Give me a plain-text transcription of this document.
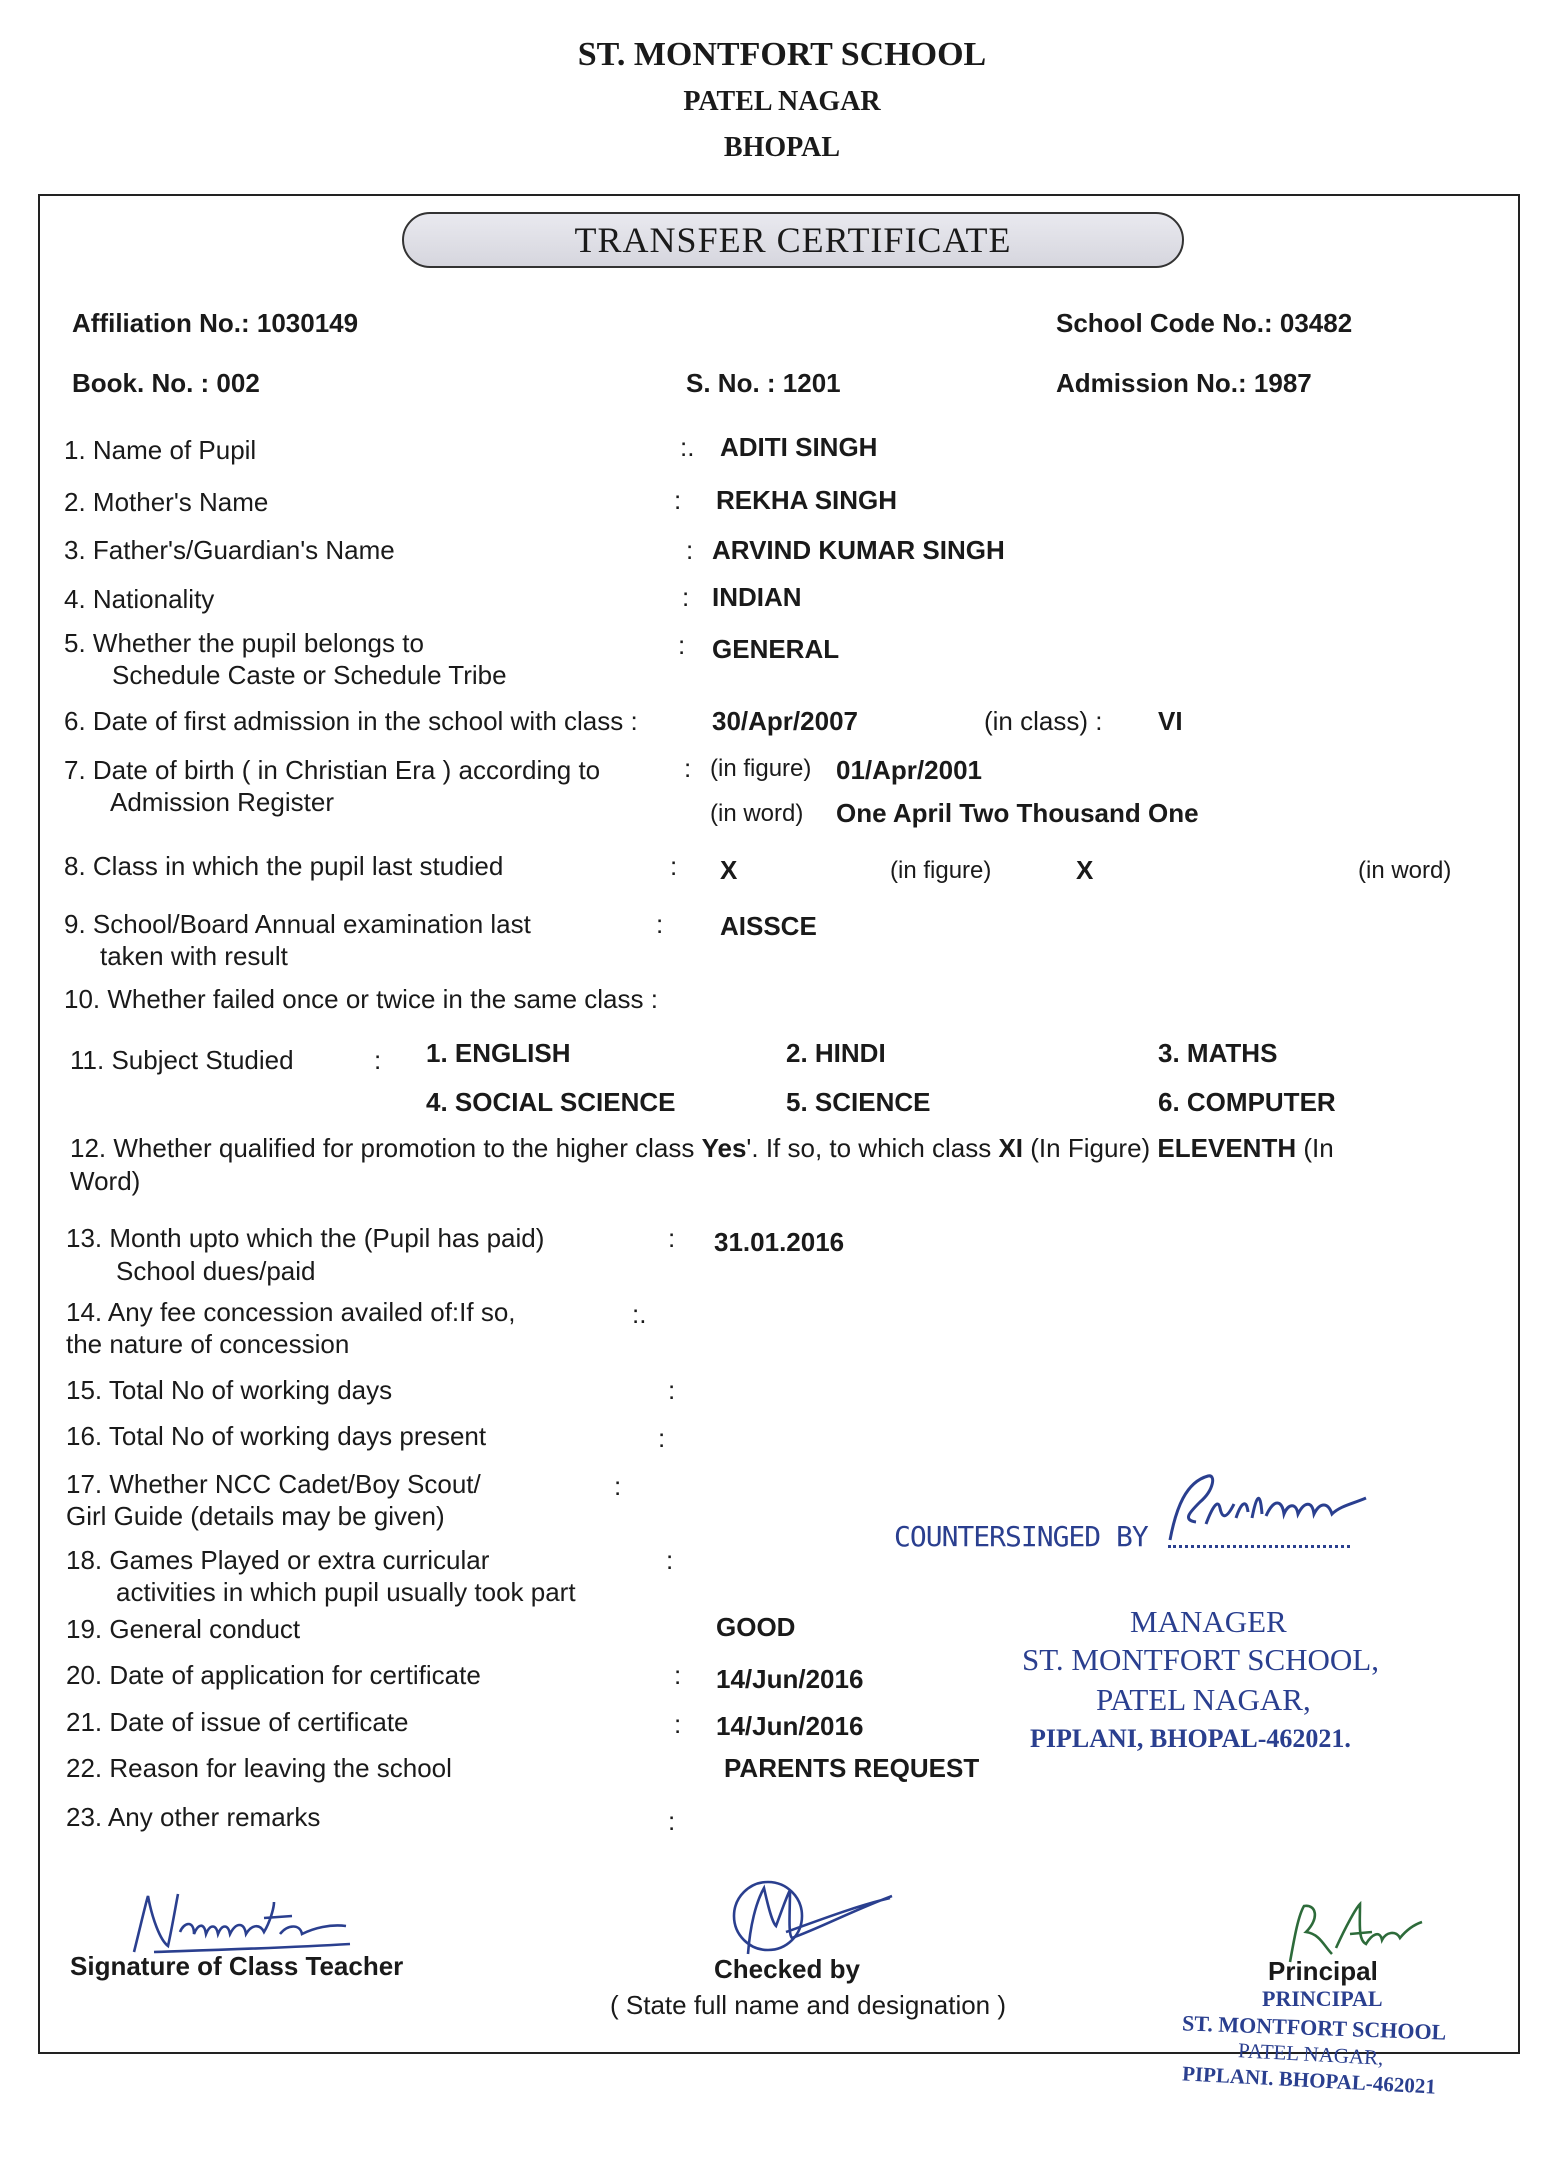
ST. MONTFORT SCHOOL
PATEL NAGAR
BHOPAL
TRANSFER CERTIFICATE
Affiliation No.: 1030149	School Code No.: 03482
Book. No. : 002	S. No. : 1201	Admission No.: 1987
1. Name of Pupil	:. ADITI SINGH
2. Mother's Name	: REKHA SINGH
3. Father's/Guardian's Name	: ARVIND KUMAR SINGH
4. Nationality	: INDIAN
5. Whether the pupil belongs to
Schedule Caste or Schedule Tribe
: GENERAL
6. Date of first admission in the school with class :	30/Apr/2007	(in class) : VI
7. Date of birth ( in Christian Era ) according to
Admission Register
: (in figure) 01/Apr/2001
(in word) One April Two Thousand One
8. Class in which the pupil last studied	: X	(in figure)	X	(in word)
9. School/Board Annual examination last
taken with result
: AISSCE
10. Whether failed once or twice in the same class :
11. Subject Studied	: 1. ENGLISH	2. HINDI	3. MATHS
4. SOCIAL SCIENCE	5. SCIENCE	6. COMPUTER
12. Whether qualified for promotion to the higher class Yes'. If so, to which class XI (In Figure) ELEVENTH (In
Word)
13. Month upto which the (Pupil has paid)
School dues/paid
: 31.01.2016
14. Any fee concession availed of:If so,
the nature of concession
:.
15. Total No of working days	:
16. Total No of working days present	:
17. Whether NCC Cadet/Boy Scout/
Girl Guide (details may be given)
:
18. Games Played or extra curricular
activities in which pupil usually took part
:
19. General conduct	GOOD
20. Date of application for certificate	: 14/Jun/2016
21. Date of issue of certificate	: 14/Jun/2016
22. Reason for leaving the school	PARENTS REQUEST
23. Any other remarks	:
COUNTERSINGED BY
MANAGER
ST. MONTFORT SCHOOL,
PATEL NAGAR,
PIPLANI, BHOPAL-462021.
Signature of Class Teacher	Checked by
( State full name and designation )
Principal
PRINCIPAL
ST. MONTFORT SCHOOL
PATEL NAGAR,
PIPLANI. BHOPAL-462021
